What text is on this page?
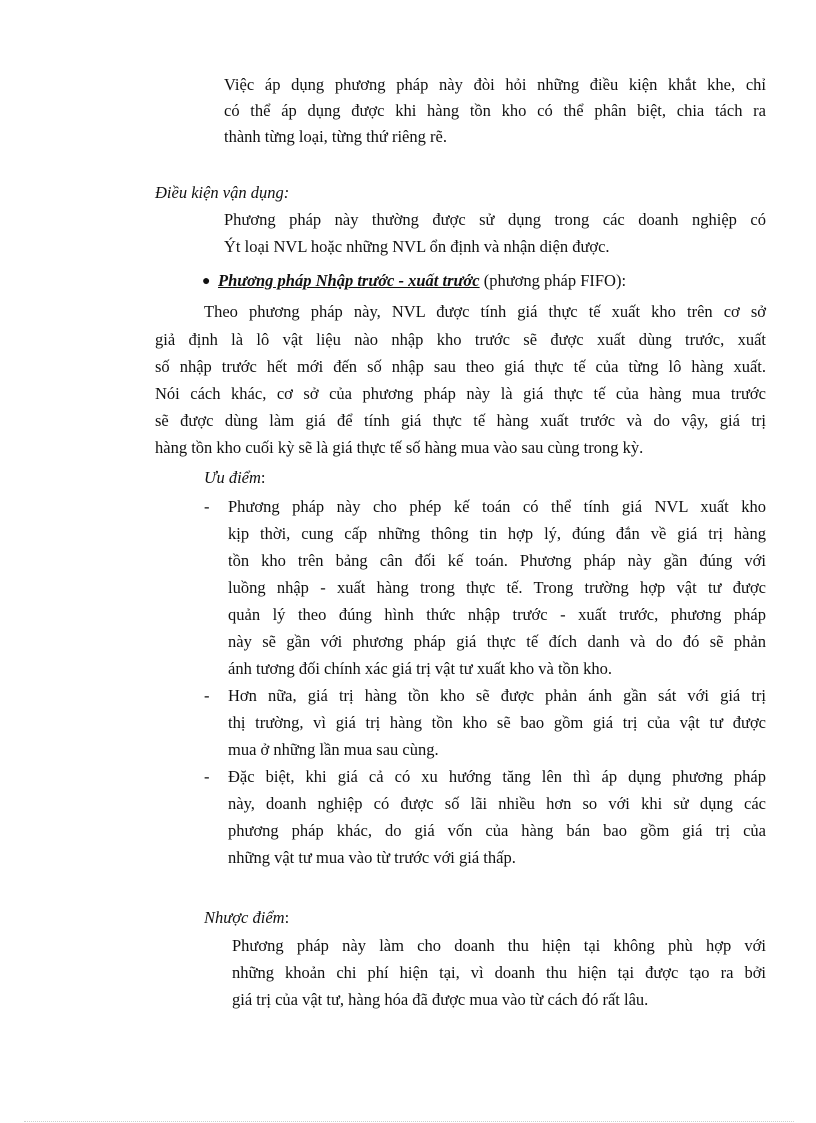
Việc áp dụng phương pháp này đòi hỏi những điều kiện khắt khe, chỉ
có thể áp dụng được khi hàng tồn kho có thể phân biệt, chia tách ra
thành từng loại, từng thứ riêng rẽ.
Điều kiện vận dụng:
Phương pháp này thường được sử dụng trong các doanh nghiệp có
Ýt loại NVL hoặc những NVL ổn định và nhận diện được.
● Phương pháp Nhập trước - xuất trước (phương pháp FIFO):
Theo phương pháp này, NVL được tính giá thực tế xuất kho trên cơ sở
giả định là lô vật liệu nào nhập kho trước sẽ được xuất dùng trước, xuất
số nhập trước hết mới đến số nhập sau theo giá thực tế của từng lô hàng xuất.
Nói cách khác, cơ sở của phương pháp này là giá thực tế của hàng mua trước
sẽ được dùng làm giá để tính giá thực tế hàng xuất trước và do vậy, giá trị
hàng tồn kho cuối kỳ sẽ là giá thực tế số hàng mua vào sau cùng trong kỳ.
Ưu điểm:
- Phương pháp này cho phép kế toán có thể tính giá NVL xuất kho
kịp thời, cung cấp những thông tin hợp lý, đúng đắn về giá trị hàng
tồn kho trên bảng cân đối kế toán. Phương pháp này gần đúng với
luồng nhập - xuất hàng trong thực tế. Trong trường hợp vật tư được
quản lý theo đúng hình thức nhập trước - xuất trước, phương pháp
này sẽ gần với phương pháp giá thực tế đích danh và do đó sẽ phản
ánh tương đối chính xác giá trị vật tư xuất kho và tồn kho.
- Hơn nữa, giá trị hàng tồn kho sẽ được phản ánh gần sát với giá trị
thị trường, vì giá trị hàng tồn kho sẽ bao gồm giá trị của vật tư được
mua ở những lần mua sau cùng.
- Đặc biệt, khi giá cả có xu hướng tăng lên thì áp dụng phương pháp
này, doanh nghiệp có được số lãi nhiều hơn so với khi sử dụng các
phương pháp khác, do giá vốn của hàng bán bao gồm giá trị của
những vật tư mua vào từ trước với giá thấp.
Nhược điểm:
Phương pháp này làm cho doanh thu hiện tại không phù hợp với
những khoản chi phí hiện tại, vì doanh thu hiện tại được tạo ra bởi
giá trị của vật tư, hàng hóa đã được mua vào từ cách đó rất lâu.
